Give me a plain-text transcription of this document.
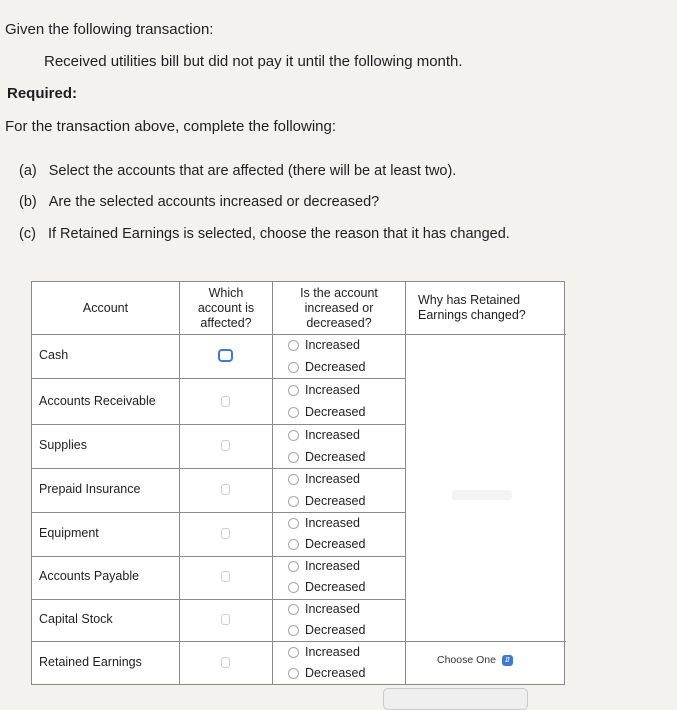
Given the following transaction:
Received utilities bill but did not pay it until the following month.
Required:
For the transaction above, complete the following:
(a) Select the accounts that are affected (there will be at least two).
(b) Are the selected accounts increased or decreased?
(c) If Retained Earnings is selected, choose the reason that it has changed.
Account
Which account is affected?
Is the account increased or decreased?
Why has Retained Earnings changed?
Cash
Increased
Decreased
Accounts Receivable
Increased
Decreased
Supplies
Increased
Decreased
Prepaid Insurance
Increased
Decreased
Equipment
Increased
Decreased
Accounts Payable
Increased
Decreased
Capital Stock
Increased
Decreased
Retained Earnings
Increased
Decreased
Choose One	⇵
